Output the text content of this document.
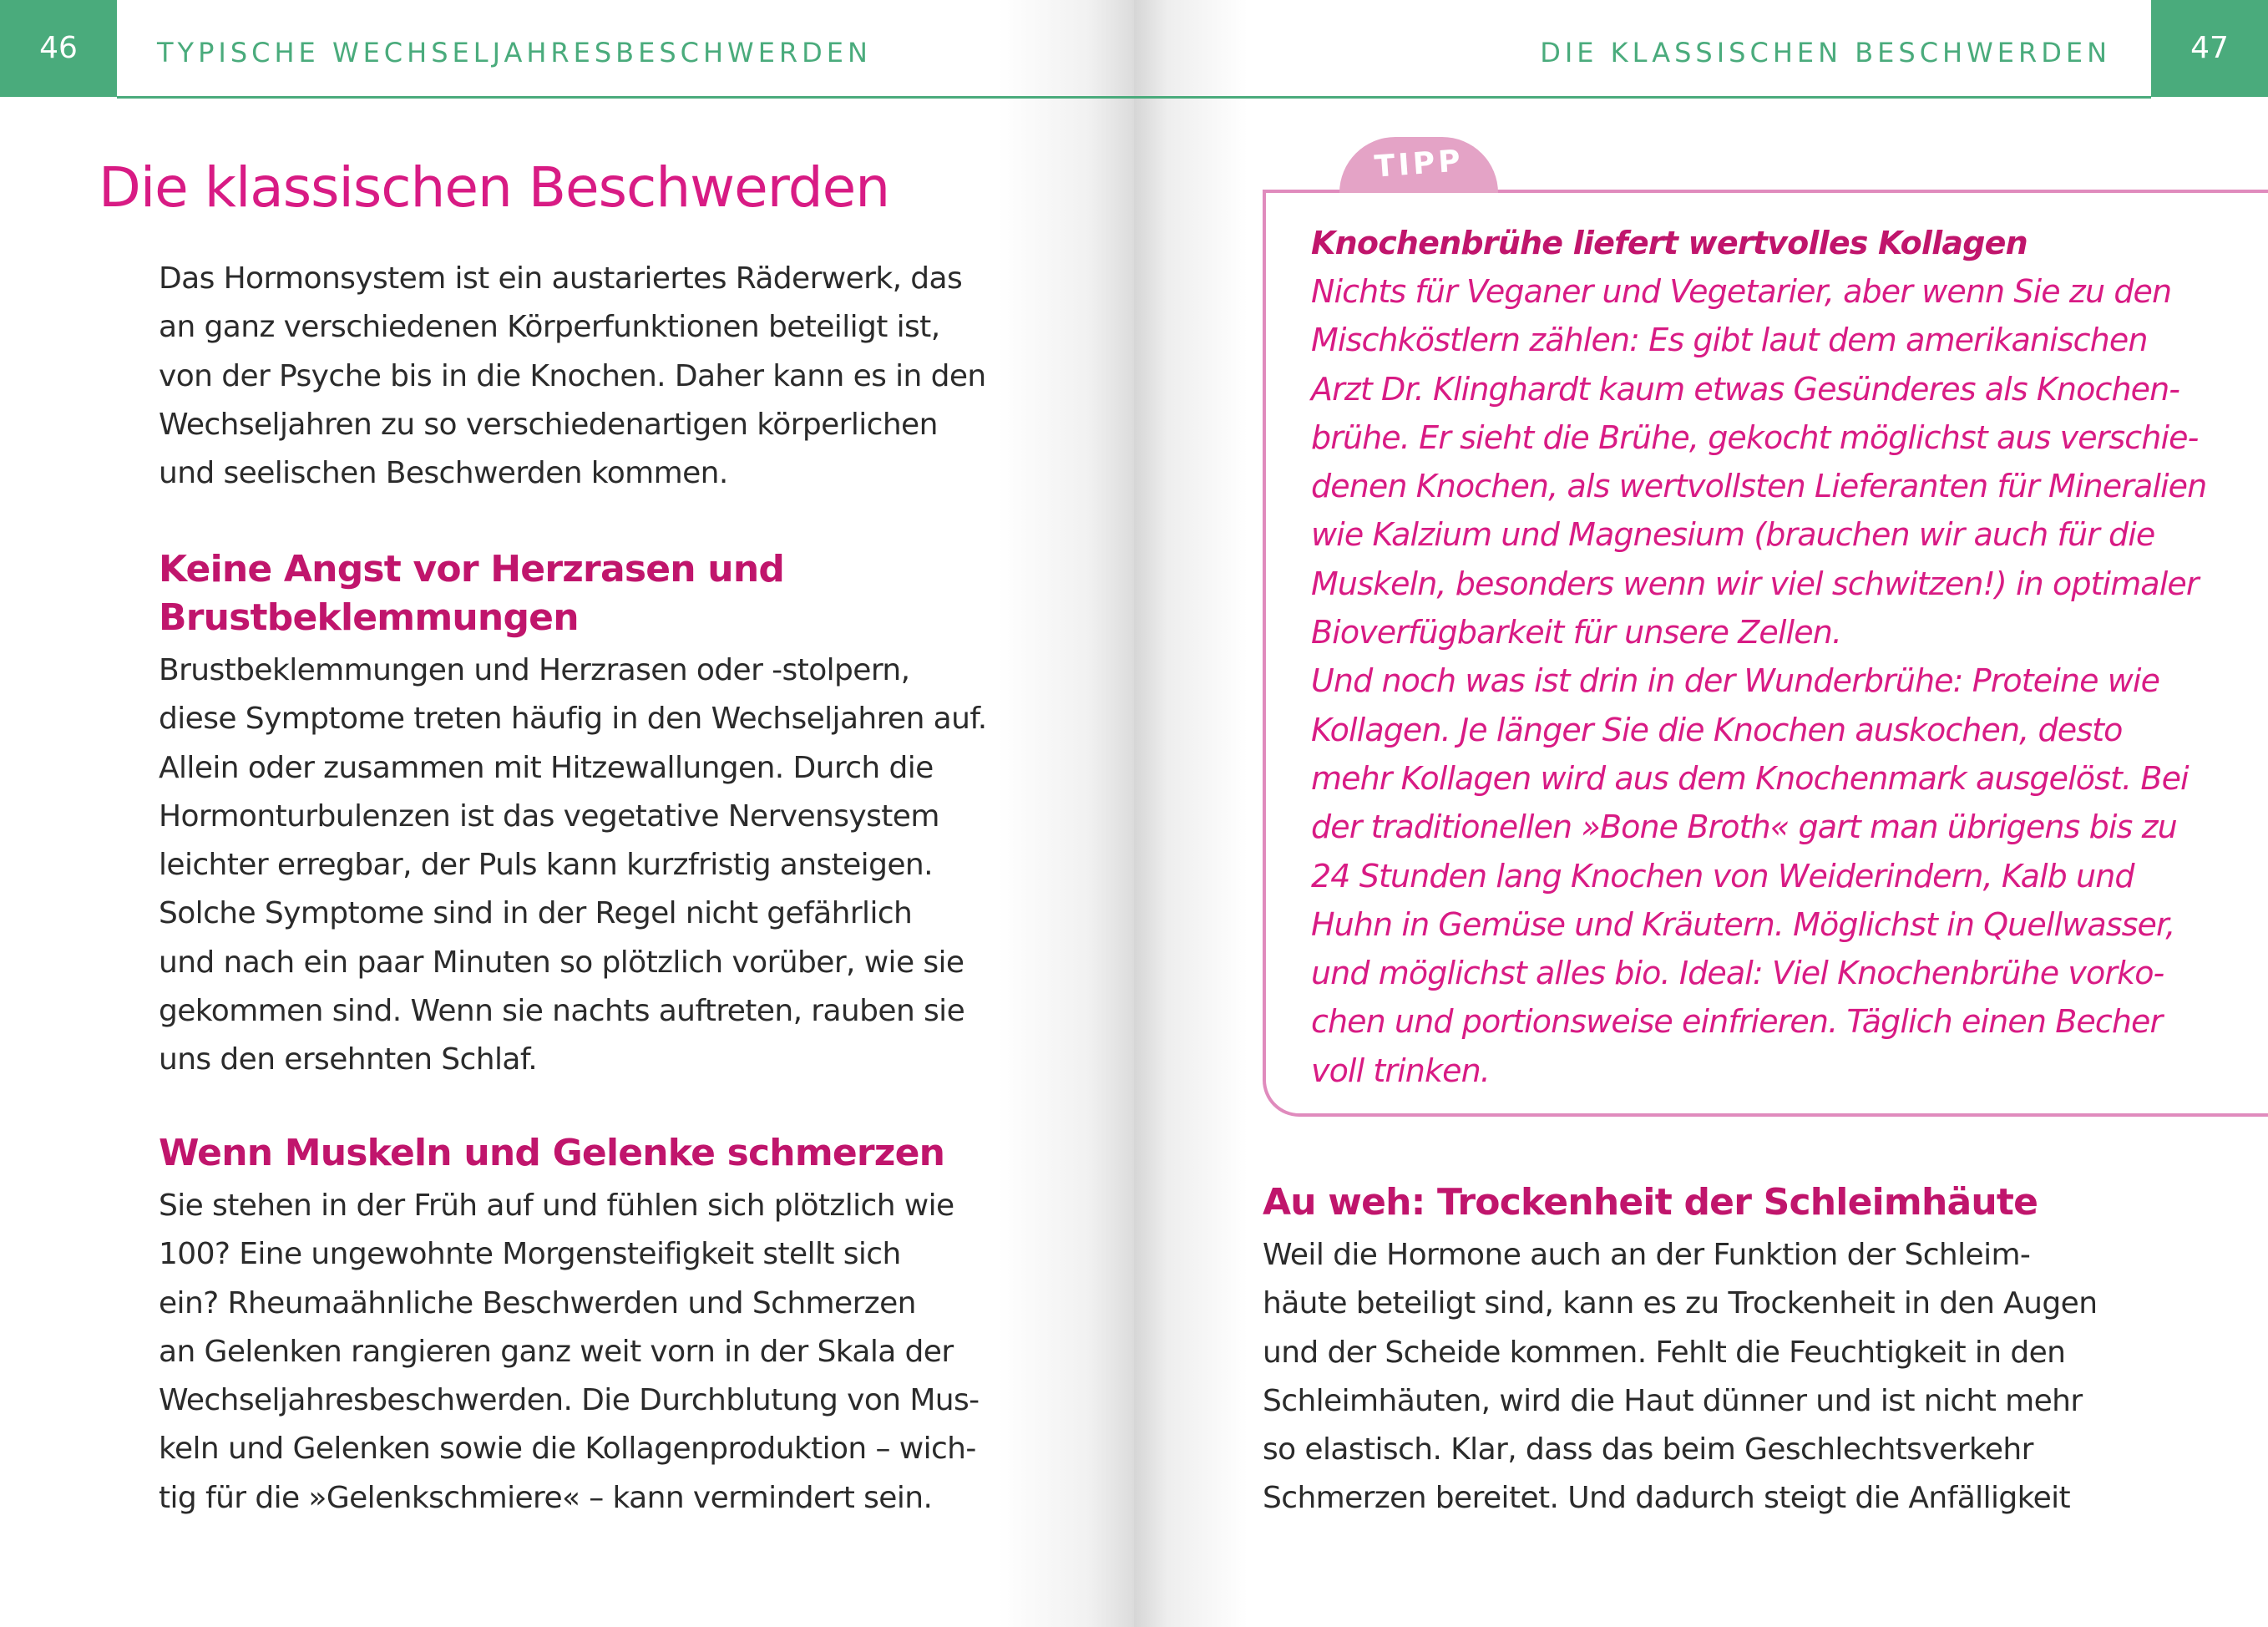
46	TYPISCHE WECHSELJAHRESBESCHWERDEN
Die klassischen Beschwerden
Das Hormonsystem ist ein austariertes Räderwerk, das
an ganz verschiedenen Körperfunktionen beteiligt ist,
von der Psyche bis in die Knochen. Daher kann es in den
Wechseljahren zu so verschiedenartigen körperlichen
und seelischen Beschwerden kommen.
Keine Angst vor Herzrasen und
Brustbeklemmungen
Brustbeklemmungen und Herzrasen oder -stolpern,
diese Symptome treten häufig in den Wechseljahren auf.
Allein oder zusammen mit Hitzewallungen. Durch die
Hormonturbulenzen ist das vegetative Nervensystem
leichter erregbar, der Puls kann kurzfristig ansteigen.
Solche Symptome sind in der Regel nicht gefährlich
und nach ein paar Minuten so plötzlich vorüber, wie sie
gekommen sind. Wenn sie nachts auftreten, rauben sie
uns den ersehnten Schlaf.
Wenn Muskeln und Gelenke schmerzen
Sie stehen in der Früh auf und fühlen sich plötzlich wie
100? Eine ungewohnte Morgensteifigkeit stellt sich
ein? Rheumaähnliche Beschwerden und Schmerzen
an Gelenken rangieren ganz weit vorn in der Skala der
Wechseljahresbeschwerden. Die Durchblutung von Mus-
keln und Gelenken sowie die Kollagenproduktion – wich-
tig für die »Gelenkschmiere« – kann vermindert sein.
47
DIE KLASSISCHEN BESCHWERDEN
TIPP
Knochenbrühe liefert wertvolles Kollagen
Nichts für Veganer und Vegetarier, aber wenn Sie zu den
Mischköstlern zählen: Es gibt laut dem amerikanischen
Arzt Dr. Klinghardt kaum etwas Gesünderes als Knochen-
brühe. Er sieht die Brühe, gekocht möglichst aus verschie-
denen Knochen, als wertvollsten Lieferanten für Mineralien
wie Kalzium und Magnesium (brauchen wir auch für die
Muskeln, besonders wenn wir viel schwitzen!) in optimaler
Bioverfügbarkeit für unsere Zellen.
Und noch was ist drin in der Wunderbrühe: Proteine wie
Kollagen. Je länger Sie die Knochen auskochen, desto
mehr Kollagen wird aus dem Knochenmark ausgelöst. Bei
der traditionellen »Bone Broth« gart man übrigens bis zu
24 Stunden lang Knochen von Weiderindern, Kalb und
Huhn in Gemüse und Kräutern. Möglichst in Quellwasser,
und möglichst alles bio. Ideal: Viel Knochenbrühe vorko-
chen und portionsweise einfrieren. Täglich einen Becher
voll trinken.
Au weh: Trockenheit der Schleimhäute
Weil die Hormone auch an der Funktion der Schleim-
häute beteiligt sind, kann es zu Trockenheit in den Augen
und der Scheide kommen. Fehlt die Feuchtigkeit in den
Schleimhäuten, wird die Haut dünner und ist nicht mehr
so elastisch. Klar, dass das beim Geschlechtsverkehr
Schmerzen bereitet. Und dadurch steigt die Anfälligkeit
